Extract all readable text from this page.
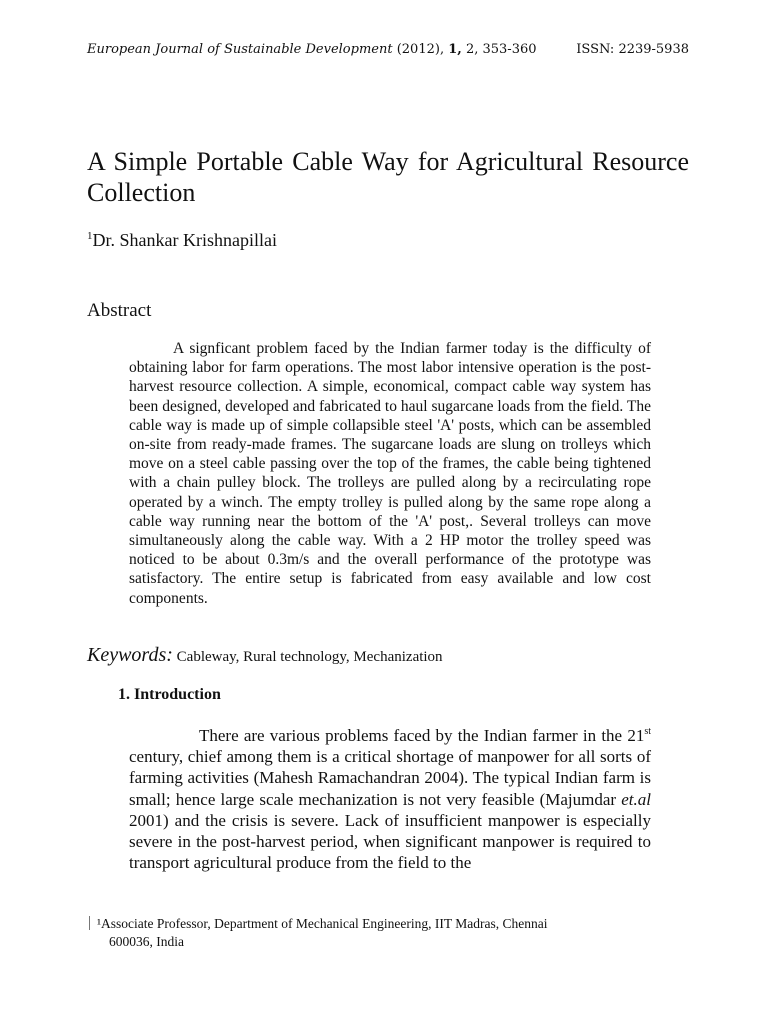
European Journal of Sustainable Development (2012), 1, 2, 353-360	ISSN: 2239-5938
A Simple Portable Cable Way for Agricultural Resource Collection
$^1$Dr. Shankar Krishnapillai
Abstract

A signficant problem faced by the Indian farmer today is the difficulty of obtaining labor for farm operations. The most labor intensive operation is the post-harvest resource collection. A simple, economical, compact cable way system has been designed, developed and fabricated to haul sugarcane loads from the field. The cable way is made up of simple collapsible steel 'A' posts, which can be assembled on-site from ready-made frames. The sugarcane loads are slung on trolleys which move on a steel cable passing over the top of the frames, the cable being tightened with a chain pulley block. The trolleys are pulled along by a recirculating rope operated by a winch. The empty trolley is pulled along by the same rope along a cable way running near the bottom of the 'A' post,. Several trolleys can move simultaneously along the cable way. With a 2 HP motor the trolley speed was noticed to be about 0.3m/s and the overall performance of the prototype was satisfactory. The entire setup is fabricated from easy available and low cost components.

Keywords: Cableway, Rural technology, Mechanization
1. Introduction

There are various problems faced by the Indian farmer in the 21st century, chief among them is a critical shortage of manpower for all sorts of farming activities (Mahesh Ramachandran 2004). The typical Indian farm is small; hence large scale mechanization is not very feasible (Majumdar et.al 2001) and the crisis is severe. Lack of insufficient manpower is especially severe in the post-harvest period, when significant manpower is required to transport agricultural produce from the field to the

¹Associate Professor, Department of Mechanical Engineering, IIT Madras, Chennai
600036, India
